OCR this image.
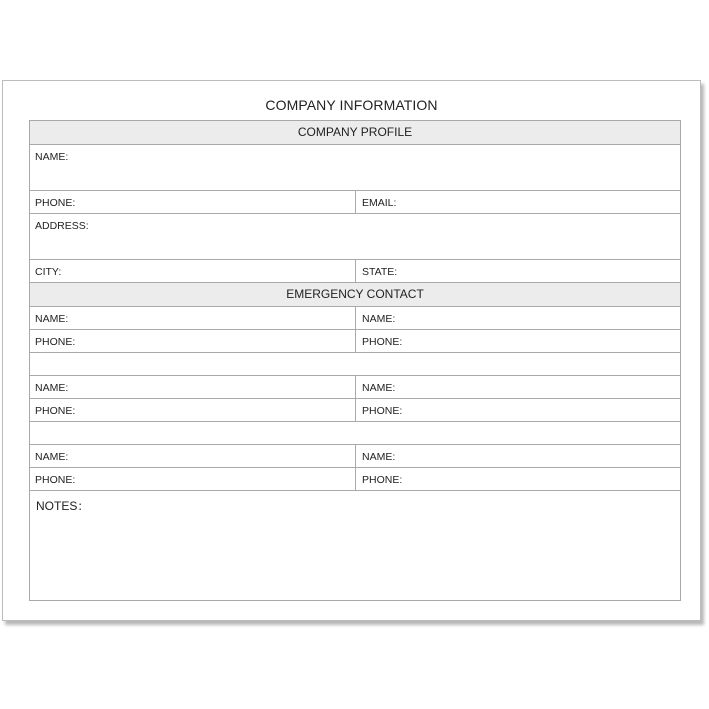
COMPANY INFORMATION
COMPANY PROFILE
NAME:
PHONE:	EMAIL:
ADDRESS:
CITY:	STATE:
EMERGENCY CONTACT
NAME:	NAME:
PHONE:	PHONE:
NAME:	NAME:
PHONE:	PHONE:
NAME:	NAME:
PHONE:	PHONE:
NOTES：
